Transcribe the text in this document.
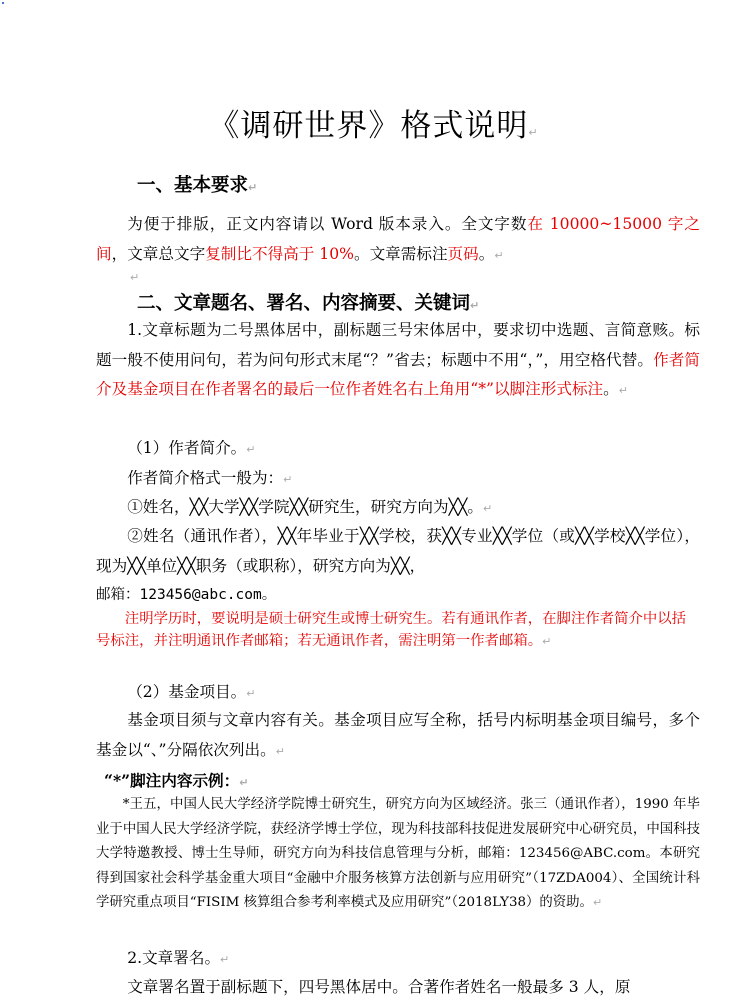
《调研世界》格式说明↵
一、基本要求↵
为便于排版，正文内容请以 Word 版本录入。全文字数在 10000~15000 字之间，文章总文字复制比不得高于 10%。文章需标注页码。↵
↵
二、文章题名、署名、内容摘要、关键词↵
1.文章标题为二号黑体居中，副标题三号宋体居中，要求切中选题、言简意赅。标题一般不使用问句，若为问句形式末尾“？”省去；标题中不用“，”，用空格代替。作者简介及基金项目在作者署名的最后一位作者姓名右上角用“*”以脚注形式标注。↵
（1）作者简介。↵
作者简介格式一般为：↵
①姓名，╳╳大学╳╳学院╳╳研究生，研究方向为╳╳。↵
②姓名（通讯作者），╳╳年毕业于╳╳学校，获╳╳专业╳╳学位（或╳╳学校╳╳学位），现为╳╳单位╳╳职务（或职称），研究方向为╳╳，
邮箱：123456@abc.com。
注明学历时，要说明是硕士研究生或博士研究生。若有通讯作者，在脚注作者简介中以括号标注，并注明通讯作者邮箱；若无通讯作者，需注明第一作者邮箱。↵
（2）基金项目。↵
基金项目须与文章内容有关。基金项目应写全称，括号内标明基金项目编号，多个基金以“、”分隔依次列出。↵
“*”脚注内容示例：↵
*王五，中国人民大学经济学院博士研究生，研究方向为区域经济。张三（通讯作者），1990 年毕业于中国人民大学经济学院，获经济学博士学位，现为科技部科技促进发展研究中心研究员，中国科技大学特邀教授、博士生导师，研究方向为科技信息管理与分析，邮箱：123456@ABC.com。本研究得到国家社会科学基金重大项目“金融中介服务核算方法创新与应用研究”（17ZDA004）、全国统计科学研究重点项目“FISIM 核算组合参考利率模式及应用研究”（2018LY38）的资助。↵
2.文章署名。↵
文章署名置于副标题下，四号黑体居中。合著作者姓名一般最多 3 人，原
